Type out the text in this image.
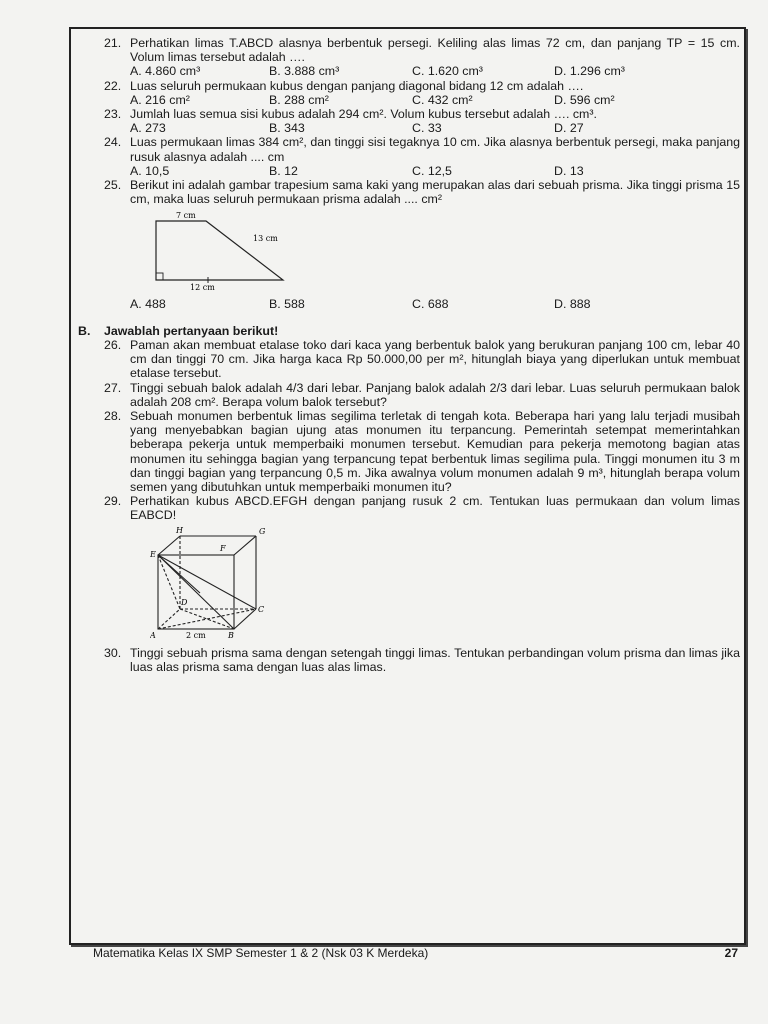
21. Perhatikan limas T.ABCD alasnya berbentuk persegi. Keliling alas limas 72 cm, dan panjang TP = 15 cm. Volum limas tersebut adalah ….
A. 4.860 cm³	B. 3.888 cm³	C. 1.620 cm³	D. 1.296 cm³
22. Luas seluruh permukaan kubus dengan panjang diagonal bidang 12 cm adalah ….
A. 216 cm²	B. 288 cm²	C. 432 cm²	D. 596 cm²
23. Jumlah luas semua sisi kubus adalah 294 cm². Volum kubus tersebut adalah …. cm³.
A. 273	B. 343	C. 33	D. 27
24. Luas permukaan limas 384 cm², dan tinggi sisi tegaknya 10 cm. Jika alasnya berbentuk persegi, maka panjang rusuk alasnya adalah .... cm
A. 10,5	B. 12	C. 12,5	D. 13
25. Berikut ini adalah gambar trapesium sama kaki yang merupakan alas dari sebuah prisma. Jika tinggi prisma 15 cm, maka luas seluruh permukaan prisma adalah .... cm²
7 cm
13 cm
12 cm
A. 488	B. 588	C. 688	D. 888
B. Jawablah pertanyaan berikut!
26. Paman akan membuat etalase toko dari kaca yang berbentuk balok yang berukuran panjang 100 cm, lebar 40 cm dan tinggi 70 cm. Jika harga kaca Rp 50.000,00 per m², hitunglah biaya yang diperlukan untuk membuat etalase tersebut.
27. Tinggi sebuah balok adalah 4/3 dari lebar. Panjang balok adalah 2/3 dari lebar. Luas seluruh permukaan balok adalah 208 cm². Berapa volum balok tersebut?
28. Sebuah monumen berbentuk limas segilima terletak di tengah kota. Beberapa hari yang lalu terjadi musibah yang menyebabkan bagian ujung atas monumen itu terpancung. Pemerintah setempat memerintahkan beberapa pekerja untuk memperbaiki monumen tersebut. Kemudian para pekerja memotong bagian atas monumen itu sehingga bagian yang terpancung tepat berbentuk limas segilima pula. Tinggi monumen itu 3 m dan tinggi bagian yang terpancung 0,5 m. Jika awalnya volum monumen adalah 9 m³, hitunglah berapa volum semen yang dibutuhkan untuk memperbaiki monumen itu?
29. Perhatikan kubus ABCD.EFGH dengan panjang rusuk 2 cm. Tentukan luas permukaan dan volum limas EABCD!
H	G
E
F
D
C
A	B
2 cm
30. Tinggi sebuah prisma sama dengan setengah tinggi limas. Tentukan perbandingan volum prisma dan limas jika luas alas prisma sama dengan luas alas limas.
Matematika Kelas IX SMP Semester 1 & 2 (Nsk 03 K Merdeka)	27
